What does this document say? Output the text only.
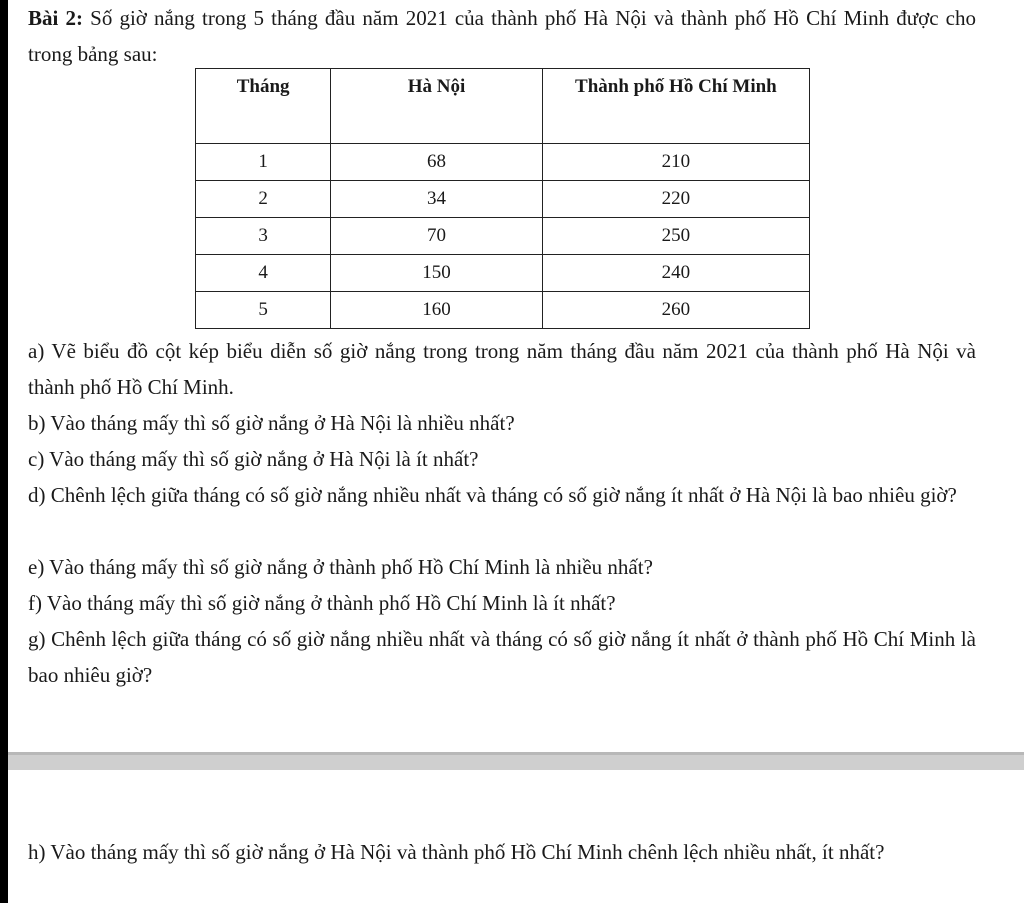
Bài 2: Số giờ nắng trong 5 tháng đầu năm 2021 của thành phố Hà Nội và thành phố Hồ Chí Minh được cho trong bảng sau:
Tháng	Hà Nội	Thành phố Hồ Chí Minh
1	68	210
2	34	220
3	70	250
4	150	240
5	160	260
a) Vẽ biểu đồ cột kép biểu diễn số giờ nắng trong trong năm tháng đầu năm 2021 của thành phố Hà Nội và thành phố Hồ Chí Minh.
b) Vào tháng mấy thì số giờ nắng ở Hà Nội là nhiều nhất?
c) Vào tháng mấy thì số giờ nắng ở Hà Nội là ít nhất?
d) Chênh lệch giữa tháng có số giờ nắng nhiều nhất và tháng có số giờ nắng ít nhất ở Hà Nội là bao nhiêu giờ?
e) Vào tháng mấy thì số giờ nắng ở thành phố Hồ Chí Minh là nhiều nhất?
f) Vào tháng mấy thì số giờ nắng ở thành phố Hồ Chí Minh là ít nhất?
g) Chênh lệch giữa tháng có số giờ nắng nhiều nhất và tháng có số giờ nắng ít nhất ở thành phố Hồ Chí Minh là bao nhiêu giờ?
h) Vào tháng mấy thì số giờ nắng ở Hà Nội và thành phố Hồ Chí Minh chênh lệch nhiều nhất, ít nhất?
